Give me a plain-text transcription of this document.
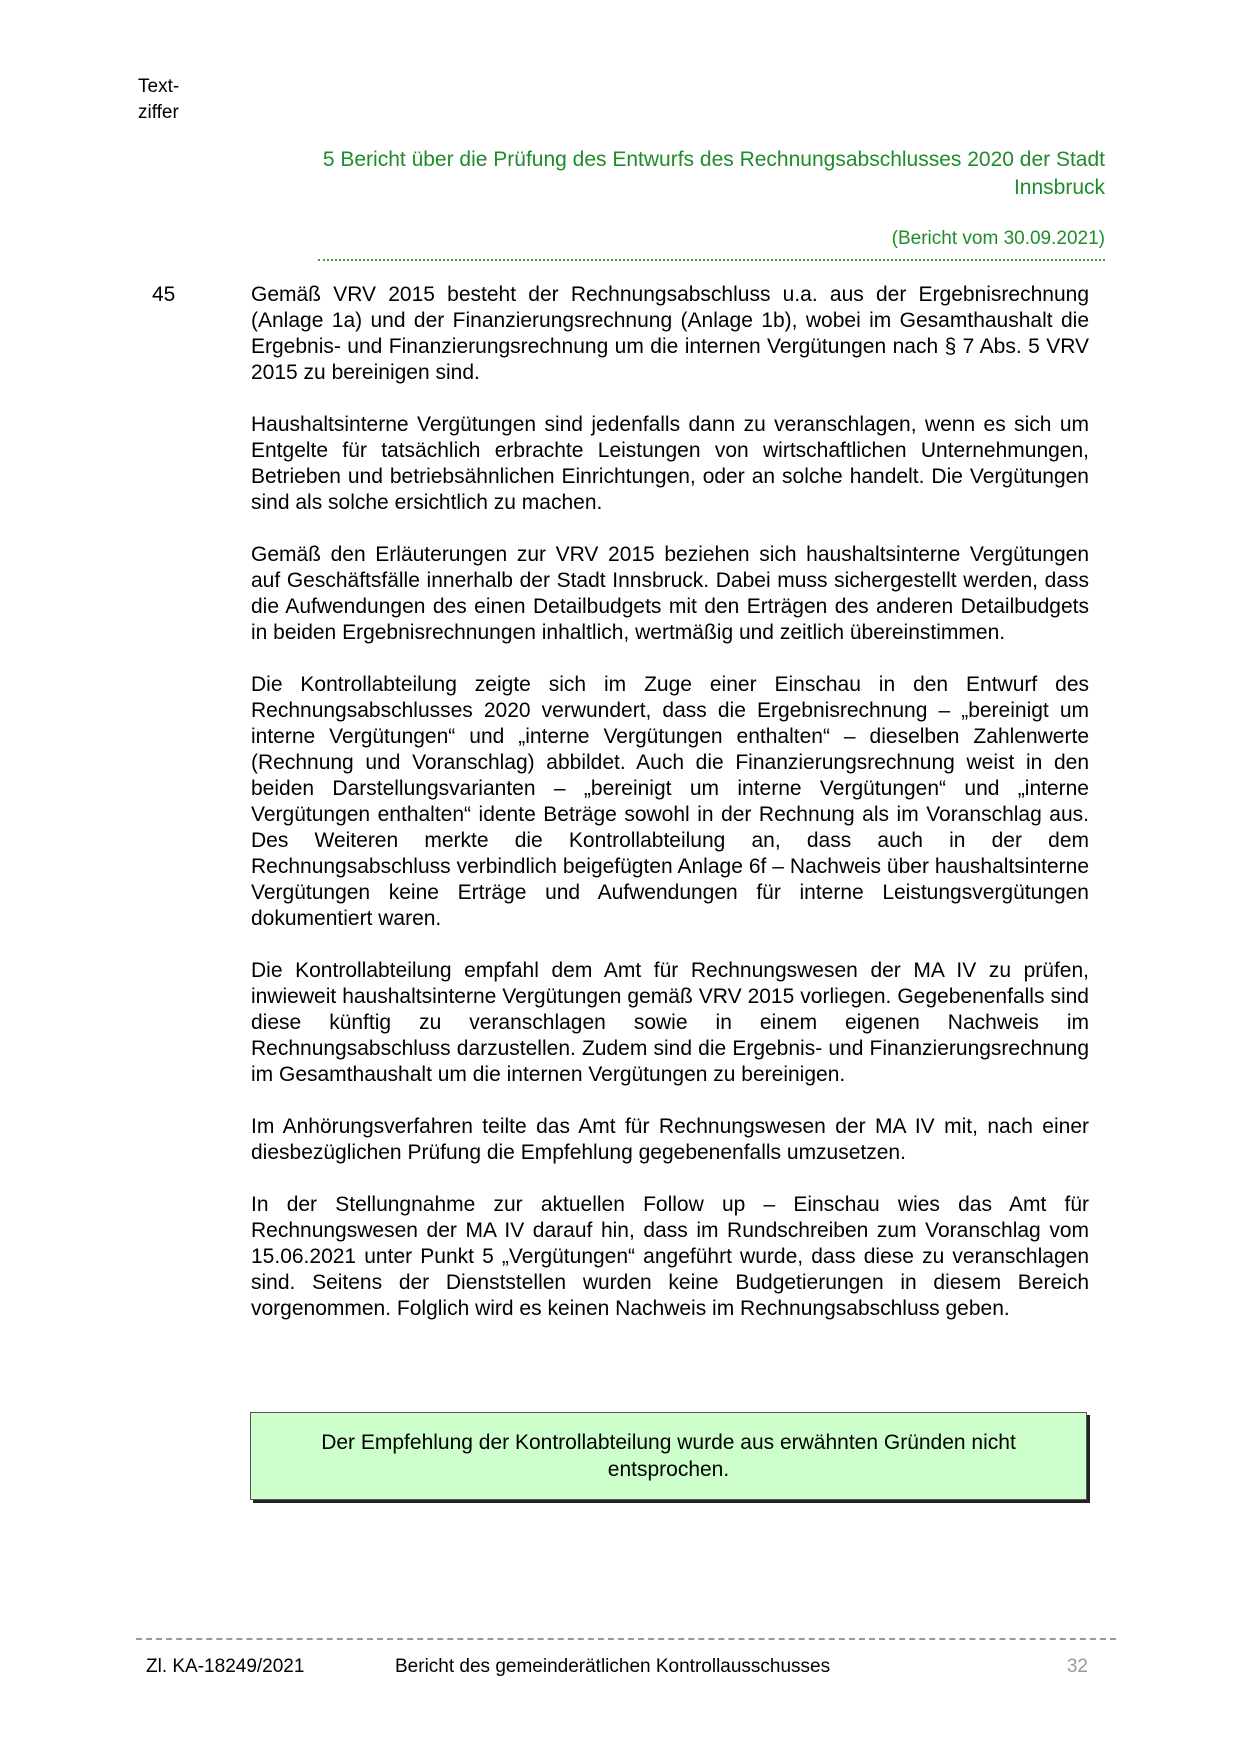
Text-
ziffer
5 Bericht über die Prüfung des Entwurfs des Rechnungsabschlusses 2020 der Stadt Innsbruck
(Bericht vom 30.09.2021)
45	Gemäß VRV 2015 besteht der Rechnungsabschluss u.a. aus der Ergebnisrechnung (Anlage 1a) und der Finanzierungsrechnung (Anlage 1b), wobei im Gesamthaushalt die Ergebnis- und Finanzierungsrechnung um die internen Vergütungen nach § 7 Abs. 5 VRV 2015 zu bereinigen sind.

Haushaltsinterne Vergütungen sind jedenfalls dann zu veranschlagen, wenn es sich um Entgelte für tatsächlich erbrachte Leistungen von wirtschaftlichen Unternehmungen, Betrieben und betriebsähnlichen Einrichtungen, oder an solche handelt. Die Vergütungen sind als solche ersichtlich zu machen.

Gemäß den Erläuterungen zur VRV 2015 beziehen sich haushaltsinterne Vergütungen auf Geschäftsfälle innerhalb der Stadt Innsbruck. Dabei muss sichergestellt werden, dass die Aufwendungen des einen Detailbudgets mit den Erträgen des anderen Detailbudgets in beiden Ergebnisrechnungen inhaltlich, wertmäßig und zeitlich übereinstimmen.

Die Kontrollabteilung zeigte sich im Zuge einer Einschau in den Entwurf des Rechnungsabschlusses 2020 verwundert, dass die Ergebnisrechnung – „bereinigt um interne Vergütungen“ und „interne Vergütungen enthalten“ – dieselben Zahlenwerte (Rechnung und Voranschlag) abbildet. Auch die Finanzierungsrechnung weist in den beiden Darstellungsvarianten – „bereinigt um interne Vergütungen“ und „interne Vergütungen enthalten“ idente Beträge sowohl in der Rechnung als im Voranschlag aus. Des Weiteren merkte die Kontrollabteilung an, dass auch in der dem Rechnungsabschluss verbindlich beigefügten Anlage 6f – Nachweis über haushaltsinterne Vergütungen keine Erträge und Aufwendungen für interne Leistungsvergütungen dokumentiert waren.

Die Kontrollabteilung empfahl dem Amt für Rechnungswesen der MA IV zu prüfen, inwieweit haushaltsinterne Vergütungen gemäß VRV 2015 vorliegen. Gegebenenfalls sind diese künftig zu veranschlagen sowie in einem eigenen Nachweis im Rechnungsabschluss darzustellen. Zudem sind die Ergebnis- und Finanzierungsrechnung im Gesamthaushalt um die internen Vergütungen zu bereinigen.

Im Anhörungsverfahren teilte das Amt für Rechnungswesen der MA IV mit, nach einer diesbezüglichen Prüfung die Empfehlung gegebenenfalls umzusetzen.

In der Stellungnahme zur aktuellen Follow up – Einschau wies das Amt für Rechnungswesen der MA IV darauf hin, dass im Rundschreiben zum Voranschlag vom 15.06.2021 unter Punkt 5 „Vergütungen“ angeführt wurde, dass diese zu veranschlagen sind. Seitens der Dienststellen wurden keine Budgetierungen in diesem Bereich vorgenommen. Folglich wird es keinen Nachweis im Rechnungsabschluss geben.

Der Empfehlung der Kontrollabteilung wurde aus erwähnten Gründen nicht entsprochen.
Zl. KA-18249/2021	Bericht des gemeinderätlichen Kontrollausschusses	32
